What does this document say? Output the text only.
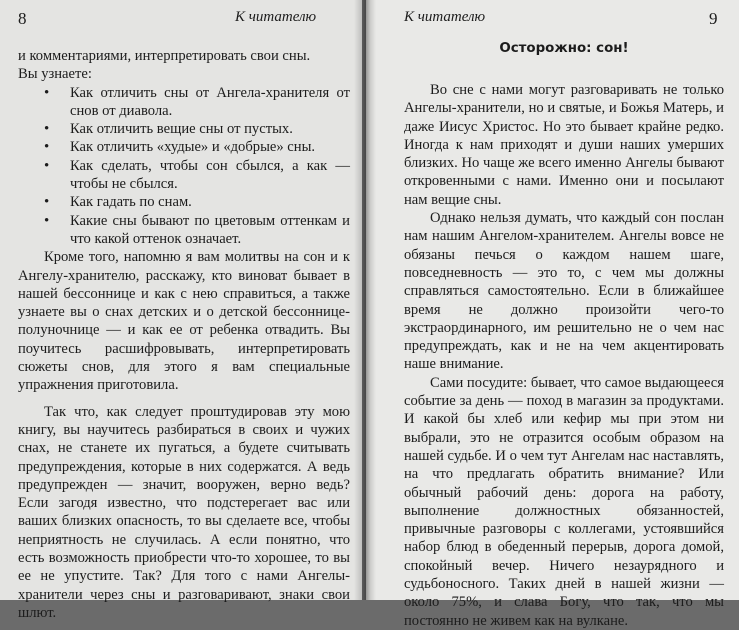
8	К читателю

и комментариями, интерпретировать свои сны.

Вы узнаете:

• Как отличить сны от Ангела-хранителя от снов от диавола.
• Как отличить вещие сны от пустых.
• Как отличить «худые» и «добрые» сны.
• Как сделать, чтобы сон сбылся, а как — чтобы не сбылся.
• Как гадать по снам.
• Какие сны бывают по цветовым оттенкам и что какой оттенок означает.

Кроме того, напомню я вам молитвы на сон и к Ангелу-хранителю, расскажу, кто виноват бывает в нашей бессоннице и как с нею справиться, а также узнаете вы о снах детских и о детской бессоннице-полуночнице — и как ее от ребенка отвадить. Вы поучитесь расшифровывать, интерпретировать сюжеты снов, для этого я вам специальные упражнения приготовила.

Так что, как следует проштудировав эту мою книгу, вы научитесь разбираться в своих и чужих снах, не станете их пугаться, а будете считывать предупреждения, которые в них содержатся. А ведь предупрежден — значит, вооружен, верно ведь? Если загодя известно, что подстерегает вас или ваших близких опасность, то вы сделаете все, чтобы неприятность не случилась. А если понятно, что есть возможность приобрести что-то хорошее, то вы ее не упустите. Так? Для того с нами Ангелы-хранители через сны и разговаривают, знаки свои шлют.

К читателю	9
Осторожно: сон!

Во сне с нами могут разговаривать не только Ангелы-хранители, но и святые, и Божья Матерь, и даже Иисус Христос. Но это бывает крайне редко. Иногда к нам приходят и души наших умерших близких. Но чаще же всего именно Ангелы бывают откровенными с нами. Именно они и посылают нам вещие сны.

Однако нельзя думать, что каждый сон послан нам нашим Ангелом-хранителем. Ангелы вовсе не обязаны печься о каждом нашем шаге, повседневность — это то, с чем мы должны справляться самостоятельно. Если в ближайшее время не должно произойти чего-то экстраординарного, им решительно не о чем нас предупреждать, как и не на чем акцентировать наше внимание.

Сами посудите: бывает, что самое выдающееся событие за день — поход в магазин за продуктами. И какой бы хлеб или кефир мы при этом ни выбрали, это не отразится особым образом на нашей судьбе. И о чем тут Ангелам нас наставлять, на что предлагать обратить внимание? Или обычный рабочий день: дорога на работу, выполнение должностных обязанностей, привычные разговоры с коллегами, устоявшийся набор блюд в обеденный перерыв, дорога домой, спокойный вечер. Ничего незаурядного и судьбоносного. Таких дней в нашей жизни — около 75%, и слава Богу, что так, что мы постоянно не живем как на вулкане.
